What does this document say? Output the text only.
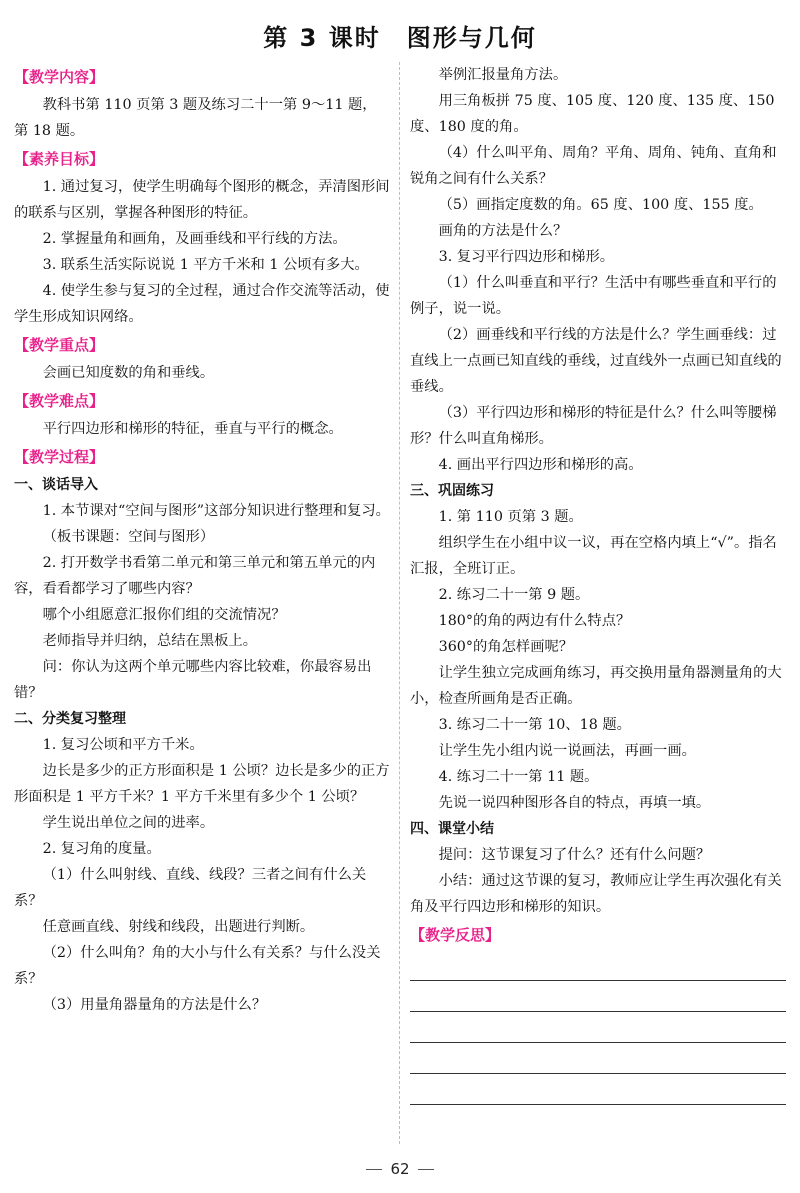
第 3 课时　图形与几何
【教学内容】
教科书第 110 页第 3 题及练习二十一第 9～11 题，第 18 题。
【素养目标】
1. 通过复习，使学生明确每个图形的概念，弄清图形间的联系与区别，掌握各种图形的特征。
2. 掌握量角和画角，及画垂线和平行线的方法。
3. 联系生活实际说说 1 平方千米和 1 公顷有多大。
4. 使学生参与复习的全过程，通过合作交流等活动，使学生形成知识网络。
【教学重点】
会画已知度数的角和垂线。
【教学难点】
平行四边形和梯形的特征，垂直与平行的概念。
【教学过程】
一、谈话导入
1. 本节课对“空间与图形”这部分知识进行整理和复习。
（板书课题：空间与图形）
2. 打开数学书看第二单元和第三单元和第五单元的内容，看看都学习了哪些内容？
哪个小组愿意汇报你们组的交流情况？
老师指导并归纳，总结在黑板上。
问：你认为这两个单元哪些内容比较难，你最容易出错？
二、分类复习整理
1. 复习公顷和平方千米。
边长是多少的正方形面积是 1 公顷？边长是多少的正方形面积是 1 平方千米？1 平方千米里有多少个 1 公顷？
学生说出单位之间的进率。
2. 复习角的度量。
（1）什么叫射线、直线、线段？三者之间有什么关系？
任意画直线、射线和线段，出题进行判断。
（2）什么叫角？角的大小与什么有关系？与什么没关系？
（3）用量角器量角的方法是什么？
举例汇报量角方法。
用三角板拼 75 度、105 度、120 度、135 度、150 度、180 度的角。
（4）什么叫平角、周角？平角、周角、钝角、直角和锐角之间有什么关系？
（5）画指定度数的角。65 度、100 度、155 度。
画角的方法是什么？
3. 复习平行四边形和梯形。
（1）什么叫垂直和平行？生活中有哪些垂直和平行的例子，说一说。
（2）画垂线和平行线的方法是什么？学生画垂线：过直线上一点画已知直线的垂线，过直线外一点画已知直线的垂线。
（3）平行四边形和梯形的特征是什么？什么叫等腰梯形？什么叫直角梯形。
4. 画出平行四边形和梯形的高。
三、巩固练习
1. 第 110 页第 3 题。
组织学生在小组中议一议，再在空格内填上“√”。指名汇报，全班订正。
2. 练习二十一第 9 题。
180°的角的两边有什么特点？
360°的角怎样画呢？
让学生独立完成画角练习，再交换用量角器测量角的大小，检查所画角是否正确。
3. 练习二十一第 10、18 题。
让学生先小组内说一说画法，再画一画。
4. 练习二十一第 11 题。
先说一说四种图形各自的特点，再填一填。
四、课堂小结
提问：这节课复习了什么？还有什么问题？
小结：通过这节课的复习，教师应让学生再次强化有关角及平行四边形和梯形的知识。
【教学反思】
62
